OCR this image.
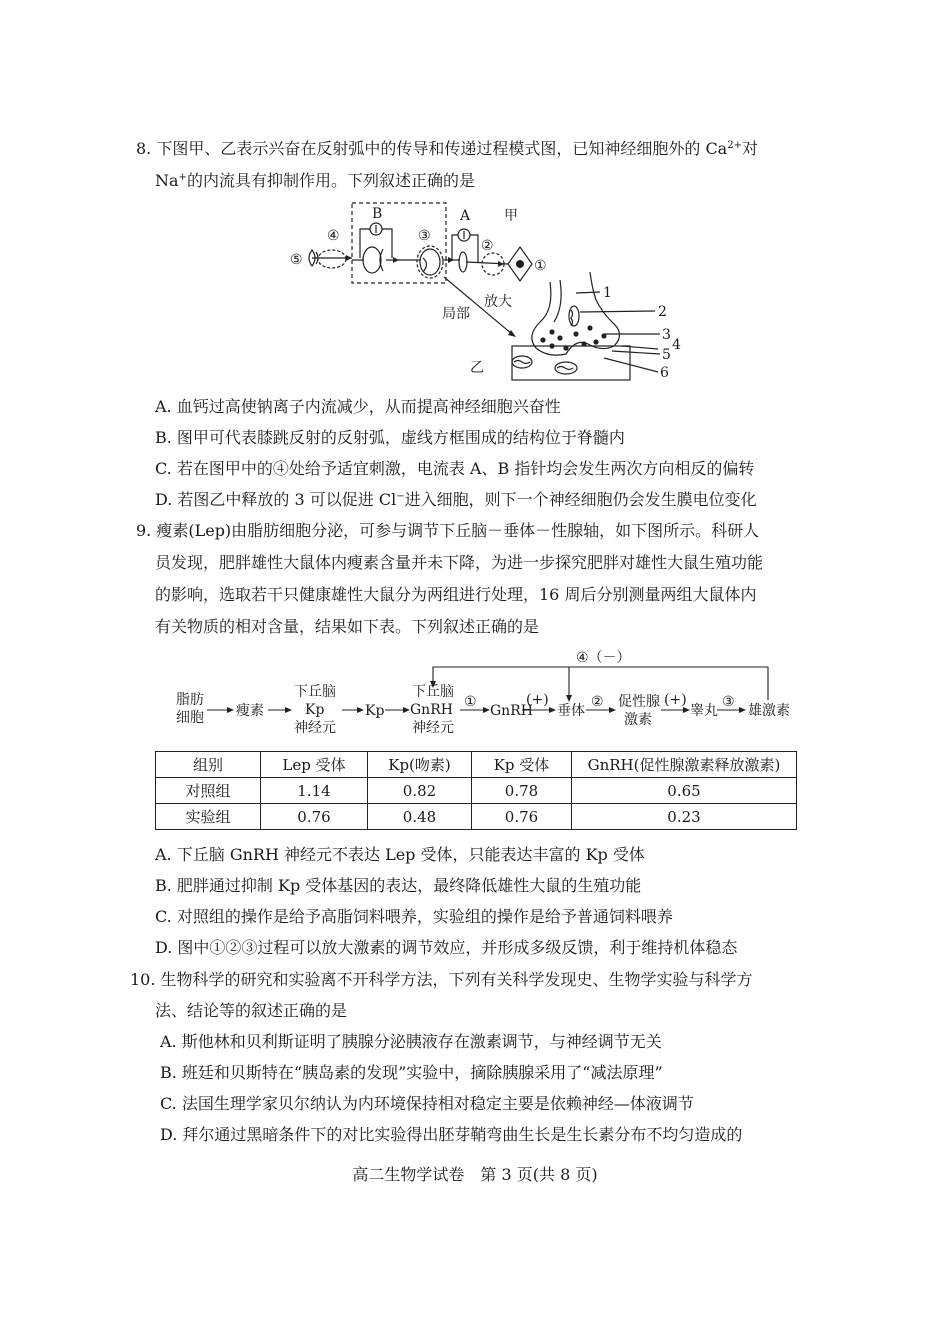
8. 下图甲、乙表示兴奋在反射弧中的传导和传递过程模式图，已知神经细胞外的 $Ca^{2+}$对
Na+的内流具有抑制作用。下列叙述正确的是
⑤
④
B
③
A 甲
②
①
局部
放大
乙
1
2
3
4
5
6
A. 血钙过高使钠离子内流减少，从而提高神经细胞兴奋性
B. 图甲可代表膝跳反射的反射弧，虚线方框围成的结构位于脊髓内
C. 若在图甲中的④处给予适宜刺激，电流表 A、B 指针均会发生两次方向相反的偏转
D. 若图乙中释放的 3 可以促进 Cl−进入细胞，则下一个神经细胞仍会发生膜电位变化
9. 瘦素(Lep)由脂肪细胞分泌，可参与调节下丘脑－垂体－性腺轴，如下图所示。科研人
员发现，肥胖雄性大鼠体内瘦素含量并未下降，为进一步探究肥胖对雄性大鼠生殖功能
的影响，选取若干只健康雄性大鼠分为两组进行处理，16 周后分别测量两组大鼠体内
有关物质的相对含量，结果如下表。下列叙述正确的是
脂肪
细胞 瘦素
下丘脑
Kp
神经元
Kp
下丘脑
GnRH
神经元
①
GnRH
(+)
垂体
② 促性腺
激素
(+)
睾丸
③
雄激素
④（－）
组别	Lep 受体	Kp(吻素)	Kp 受体	GnRH(促性腺激素释放激素)
对照组	1.14	0.82	0.78	0.65
实验组	0.76	0.48	0.76	0.23
A. 下丘脑 GnRH 神经元不表达 Lep 受体，只能表达丰富的 Kp 受体
B. 肥胖通过抑制 Kp 受体基因的表达，最终降低雄性大鼠的生殖功能
C. 对照组的操作是给予高脂饲料喂养，实验组的操作是给予普通饲料喂养
D. 图中①②③过程可以放大激素的调节效应，并形成多级反馈，利于维持机体稳态
10. 生物科学的研究和实验离不开科学方法，下列有关科学发现史、生物学实验与科学方
法、结论等的叙述正确的是
A. 斯他林和贝利斯证明了胰腺分泌胰液存在激素调节，与神经调节无关
B. 班廷和贝斯特在“胰岛素的发现”实验中，摘除胰腺采用了“减法原理”
C. 法国生理学家贝尔纳认为内环境保持相对稳定主要是依赖神经—体液调节
D. 拜尔通过黑暗条件下的对比实验得出胚芽鞘弯曲生长是生长素分布不均匀造成的
高二生物学试卷　第 3 页(共 8 页)
